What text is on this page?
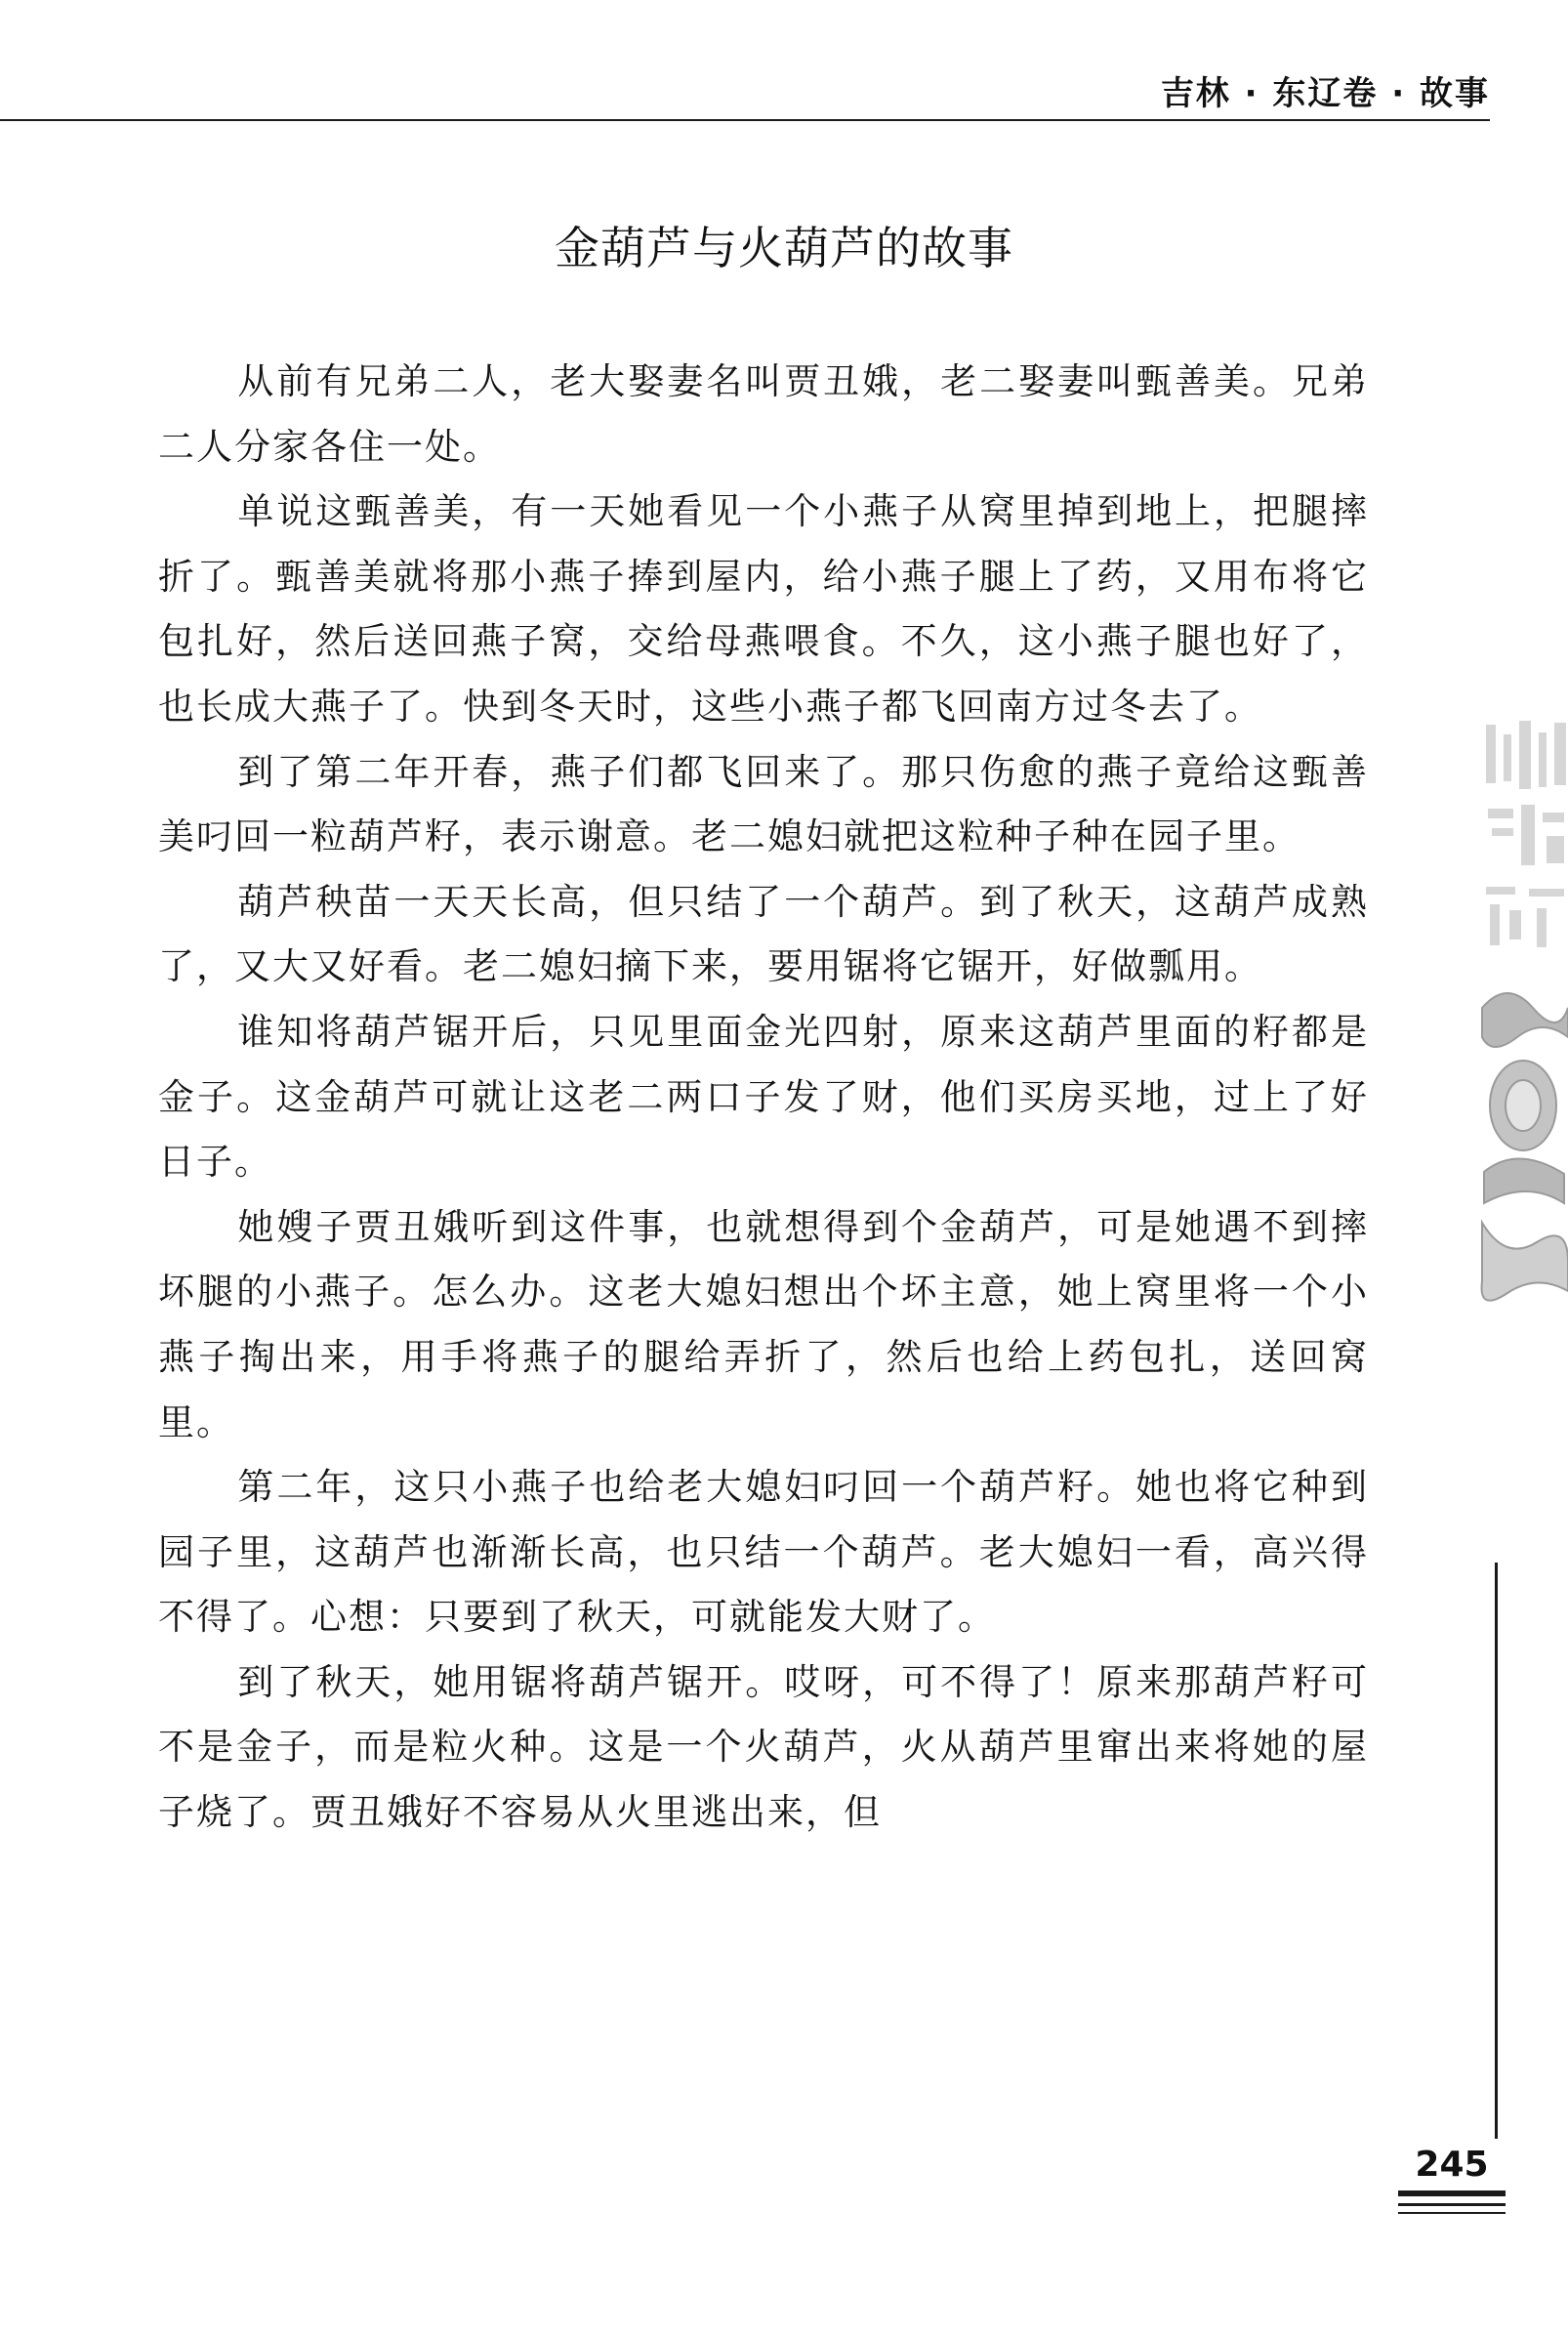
吉林 · 东辽卷 · 故事
金葫芦与火葫芦的故事

从前有兄弟二人，老大娶妻名叫贾丑娥，老二娶妻叫甄善美。兄弟二人分家各住一处。

单说这甄善美，有一天她看见一个小燕子从窝里掉到地上，把腿摔折了。甄善美就将那小燕子捧到屋内，给小燕子腿上了药，又用布将它包扎好，然后送回燕子窝，交给母燕喂食。不久，这小燕子腿也好了，也长成大燕子了。快到冬天时，这些小燕子都飞回南方过冬去了。

到了第二年开春，燕子们都飞回来了。那只伤愈的燕子竟给这甄善美叼回一粒葫芦籽，表示谢意。老二媳妇就把这粒种子种在园子里。

葫芦秧苗一天天长高，但只结了一个葫芦。到了秋天，这葫芦成熟了，又大又好看。老二媳妇摘下来，要用锯将它锯开，好做瓢用。

谁知将葫芦锯开后，只见里面金光四射，原来这葫芦里面的籽都是金子。这金葫芦可就让这老二两口子发了财，他们买房买地，过上了好日子。

她嫂子贾丑娥听到这件事，也就想得到个金葫芦，可是她遇不到摔坏腿的小燕子。怎么办。这老大媳妇想出个坏主意，她上窝里将一个小燕子掏出来，用手将燕子的腿给弄折了，然后也给上药包扎，送回窝里。

第二年，这只小燕子也给老大媳妇叼回一个葫芦籽。她也将它种到园子里，这葫芦也渐渐长高，也只结一个葫芦。老大媳妇一看，高兴得不得了。心想：只要到了秋天，可就能发大财了。

到了秋天，她用锯将葫芦锯开。哎呀，可不得了！原来那葫芦籽可不是金子，而是粒火种。这是一个火葫芦，火从葫芦里窜出来将她的屋子烧了。贾丑娥好不容易从火里逃出来，但

245
